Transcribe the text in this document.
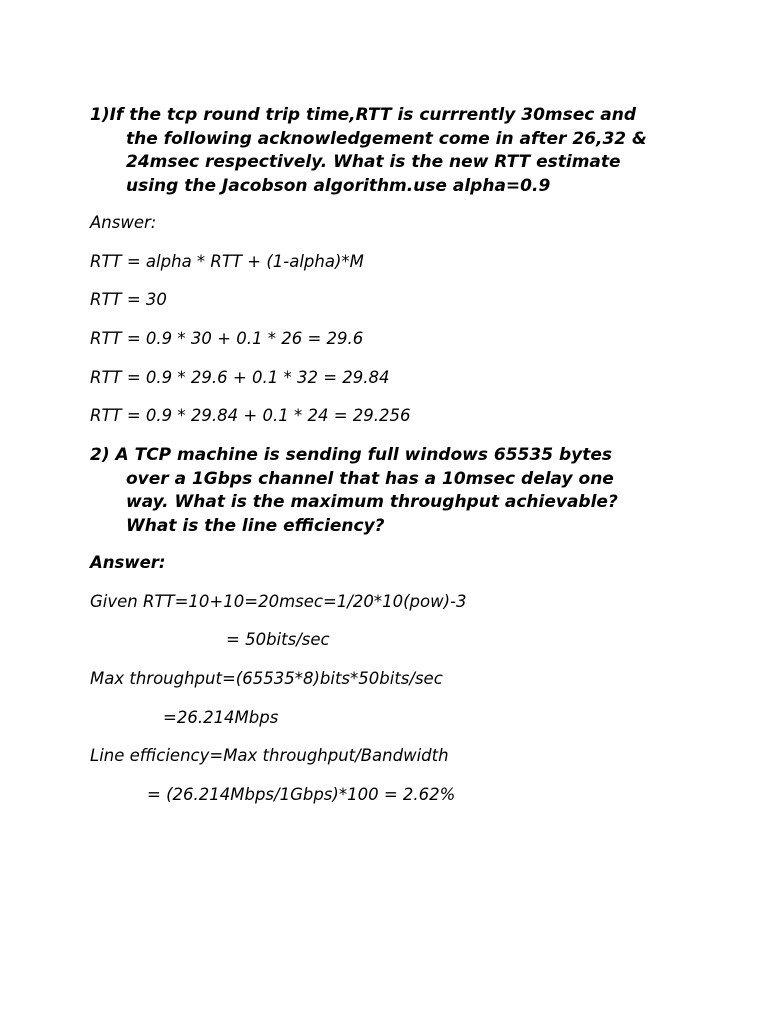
1)If the tcp round trip time,RTT is currrently 30msec and
the following acknowledgement come in after 26,32 &
24msec respectively. What is the new RTT estimate
using the Jacobson algorithm.use alpha=0.9
Answer:
RTT = alpha * RTT + (1-alpha)*M
RTT = 30
RTT = 0.9 * 30 + 0.1 * 26 = 29.6
RTT = 0.9 * 29.6 + 0.1 * 32 = 29.84
RTT = 0.9 * 29.84 + 0.1 * 24 = 29.256
2) A TCP machine is sending full windows 65535 bytes
over a 1Gbps channel that has a 10msec delay one
way. What is the maximum throughput achievable?
What is the line efficiency?
Answer:
Given RTT=10+10=20msec=1/20*10(pow)-3
= 50bits/sec
Max throughput=(65535*8)bits*50bits/sec
=26.214Mbps
Line efficiency=Max throughput/Bandwidth
= (26.214Mbps/1Gbps)*100 = 2.62%
